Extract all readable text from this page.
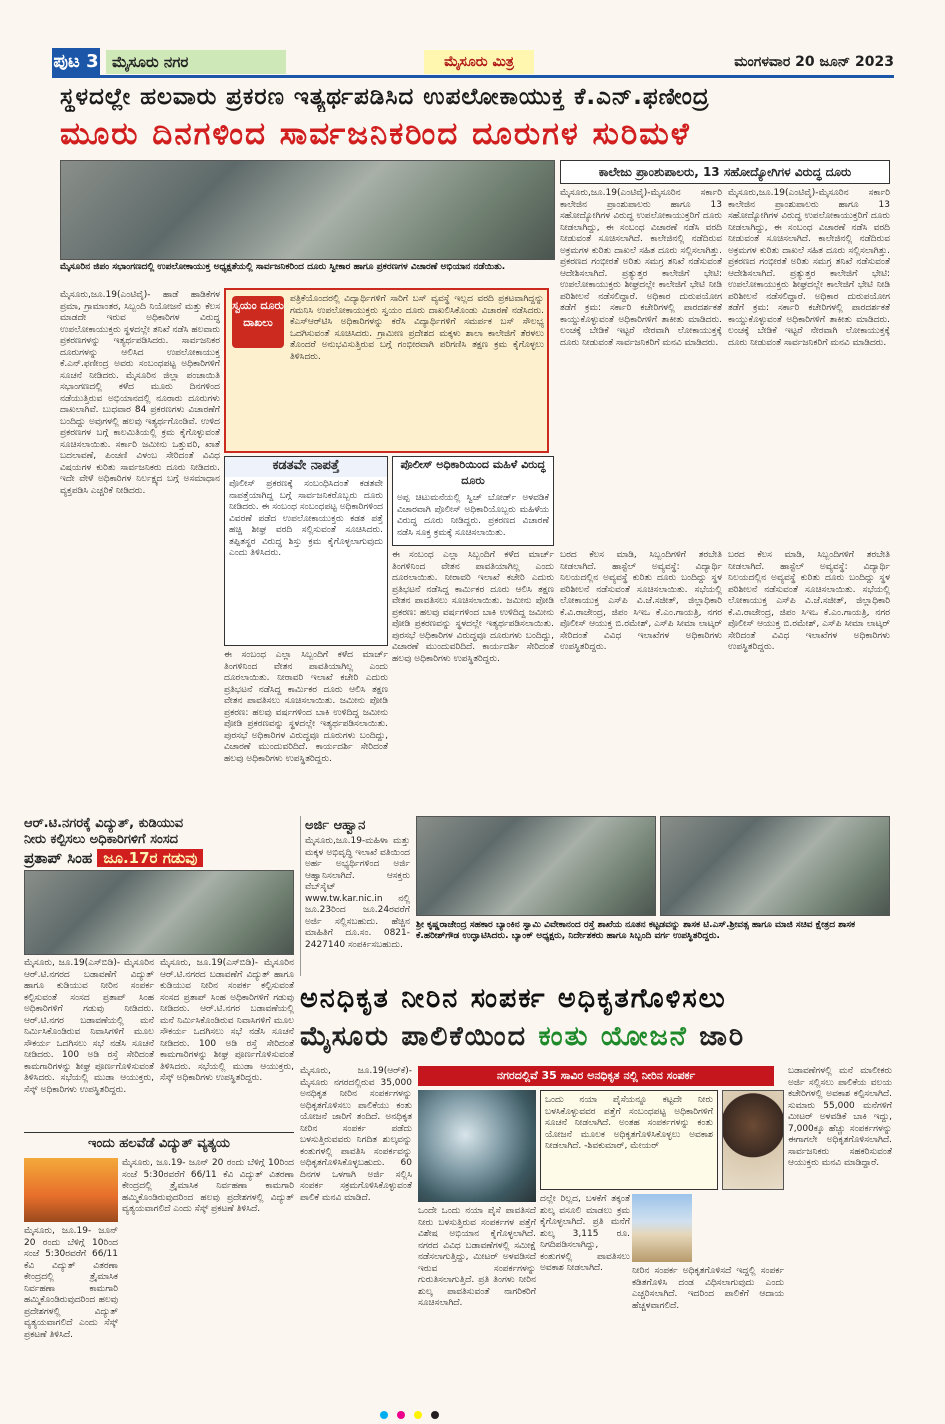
ಪುಟ 3 ಮೈಸೂರು ನಗರ	ಮೈಸೂರು ಮಿತ್ರ	ಮಂಗಳವಾರ 20 ಜೂನ್ 2023
ಸ್ಥಳದಲ್ಲೇ ಹಲವಾರು ಪ್ರಕರಣ ಇತ್ಯರ್ಥಪಡಿಸಿದ ಉಪಲೋಕಾಯುಕ್ತ ಕೆ.ಎನ್.ಫಣೀಂದ್ರ
ಮೂರು ದಿನಗಳಿಂದ ಸಾರ್ವಜನಿಕರಿಂದ ದೂರುಗಳ ಸುರಿಮಳೆ
ಮೈಸೂರಿನ ಜಿಪಂ ಸಭಾಂಗಣದಲ್ಲಿ ಉಪಲೋಕಾಯುಕ್ತ ಅಧ್ಯಕ್ಷತೆಯಲ್ಲಿ ಸಾರ್ವಜನಿಕರಿಂದ ದೂರು ಸ್ವೀಕಾರ ಹಾಗೂ ಪ್ರಕರಣಗಳ ವಿಚಾರಣೆ ಅಭಿಯಾನ ನಡೆಯಿತು.
ಮೈಸೂರು,ಜೂ.19(ಎಂಟಿವೈ)- ಹಾಡೆ ಹಾಡಿಕೆಗಳ ಪ್ರಮಾ, ಗ್ರಾಮಾಂತರ, ಸಿಬ್ಬಂದಿ ನಿಯೋಜನೆ ಮತ್ತು ಕೆಲಸ ಮಾಡದೇ ಇರುವ ಅಧಿಕಾರಿಗಳ ವಿರುದ್ಧ ಉಪಲೋಕಾಯುಕ್ತರು ಸ್ಥಳದಲ್ಲೇ ತನಿಖೆ ನಡೆಸಿ ಹಲವಾರು ಪ್ರಕರಣಗಳನ್ನು ಇತ್ಯರ್ಥಪಡಿಸಿದರು. ಸಾರ್ವಜನಿಕರ ದೂರುಗಳನ್ನು ಆಲಿಸಿದ ಉಪಲೋಕಾಯುಕ್ತ ಕೆ.ಎನ್.ಫಣೀಂದ್ರ ಅವರು ಸಂಬಂಧಪಟ್ಟ ಅಧಿಕಾರಿಗಳಿಗೆ ಸೂಚನೆ ನೀಡಿದರು. ಮೈಸೂರಿನ ಜಿಲ್ಲಾ ಪಂಚಾಯಿತಿ ಸಭಾಂಗಣದಲ್ಲಿ ಕಳೆದ ಮೂರು ದಿನಗಳಿಂದ ನಡೆಯುತ್ತಿರುವ ಅಭಿಯಾನದಲ್ಲಿ ನೂರಾರು ದೂರುಗಳು ದಾಖಲಾಗಿವೆ. ಬುಧವಾರ 84 ಪ್ರಕರಣಗಳು ವಿಚಾರಣೆಗೆ ಬಂದಿದ್ದು ಅವುಗಳಲ್ಲಿ ಹಲವು ಇತ್ಯರ್ಥಗೊಂಡಿವೆ. ಉಳಿದ ಪ್ರಕರಣಗಳ ಬಗ್ಗೆ ಕಾಲಮಿತಿಯಲ್ಲಿ ಕ್ರಮ ಕೈಗೊಳ್ಳುವಂತೆ ಸೂಚಿಸಲಾಯಿತು. ಸರ್ಕಾರಿ ಜಮೀನು ಒತ್ತುವರಿ, ಖಾತೆ ಬದಲಾವಣೆ, ಪಿಂಚಣಿ ವಿಳಂಬ ಸೇರಿದಂತೆ ವಿವಿಧ ವಿಷಯಗಳ ಕುರಿತು ಸಾರ್ವಜನಿಕರು ದೂರು ನೀಡಿದರು. ಇದೇ ವೇಳೆ ಅಧಿಕಾರಿಗಳ ನಿರ್ಲಕ್ಷ್ಯದ ಬಗ್ಗೆ ಅಸಮಾಧಾನ ವ್ಯಕ್ತಪಡಿಸಿ ಎಚ್ಚರಿಕೆ ನೀಡಿದರು.
ಸ್ವಯಂ ದೂರು ದಾಖಲು
ಪತ್ರಿಕೆಯೊಂದರಲ್ಲಿ ವಿದ್ಯಾರ್ಥಿಗಳಿಗೆ ಸಾರಿಗೆ ಬಸ್ ವ್ಯವಸ್ಥೆ ಇಲ್ಲದ ವರದಿ ಪ್ರಕಟವಾಗಿದ್ದನ್ನು ಗಮನಿಸಿ ಉಪಲೋಕಾಯುಕ್ತರು ಸ್ವಯಂ ದೂರು ದಾಖಲಿಸಿಕೊಂಡು ವಿಚಾರಣೆ ನಡೆಸಿದರು. ಕೆಎಸ್‌ಆರ್‌ಟಿಸಿ ಅಧಿಕಾರಿಗಳನ್ನು ಕರೆಸಿ ವಿದ್ಯಾರ್ಥಿಗಳಿಗೆ ಸಮರ್ಪಕ ಬಸ್ ಸೌಲಭ್ಯ ಒದಗಿಸುವಂತೆ ಸೂಚಿಸಿದರು. ಗ್ರಾಮೀಣ ಪ್ರದೇಶದ ಮಕ್ಕಳು ಶಾಲಾ ಕಾಲೇಜಿಗೆ ತೆರಳಲು ತೊಂದರೆ ಅನುಭವಿಸುತ್ತಿರುವ ಬಗ್ಗೆ ಗಂಭೀರವಾಗಿ ಪರಿಗಣಿಸಿ ತಕ್ಷಣ ಕ್ರಮ ಕೈಗೊಳ್ಳಲು ತಿಳಿಸಿದರು.
ಕಡತವೇ ನಾಪತ್ತೆ
ಪೊಲೀಸ್ ಪ್ರಕರಣಕ್ಕೆ ಸಂಬಂಧಿಸಿದಂತೆ ಕಡತವೇ ನಾಪತ್ತೆಯಾಗಿದ್ದ ಬಗ್ಗೆ ಸಾರ್ವಜನಿಕರೊಬ್ಬರು ದೂರು ನೀಡಿದರು. ಈ ಸಂಬಂಧ ಸಂಬಂಧಪಟ್ಟ ಅಧಿಕಾರಿಗಳಿಂದ ವಿವರಣೆ ಪಡೆದ ಉಪಲೋಕಾಯುಕ್ತರು ಕಡತ ಪತ್ತೆ ಹಚ್ಚಿ ಶೀಘ್ರ ವರದಿ ಸಲ್ಲಿಸುವಂತೆ ಸೂಚಿಸಿದರು. ತಪ್ಪಿತಸ್ಥರ ವಿರುದ್ಧ ಶಿಸ್ತು ಕ್ರಮ ಕೈಗೊಳ್ಳಲಾಗುವುದು ಎಂದು ತಿಳಿಸಿದರು.
ಪೊಲೀಸ್ ಅಧಿಕಾರಿಯಿಂದ ಮಹಿಳೆ ವಿರುದ್ಧ ದೂರು
ಅಪ್ಪ ಚಿಟುಮನೆಯಲ್ಲಿ ಸ್ವಿಚ್ ಬೋರ್ಡ್ ಅಳವಡಿಕೆ ವಿಚಾರವಾಗಿ ಪೊಲೀಸ್ ಅಧಿಕಾರಿಯೊಬ್ಬರು ಮಹಿಳೆಯ ವಿರುದ್ಧ ದೂರು ನೀಡಿದ್ದರು. ಪ್ರಕರಣದ ವಿಚಾರಣೆ ನಡೆಸಿ ಸೂಕ್ತ ಕ್ರಮಕ್ಕೆ ಸೂಚಿಸಲಾಯಿತು.
ಈ ಸಂಬಂಧ ಎಲ್ಲಾ ಸಿಬ್ಬಂದಿಗೆ ಕಳೆದ ಮಾರ್ಚ್ ತಿಂಗಳಿನಿಂದ ವೇತನ ಪಾವತಿಯಾಗಿಲ್ಲ ಎಂದು ದೂರಲಾಯಿತು. ನೀರಾವರಿ ಇಲಾಖೆ ಕಚೇರಿ ಎದುರು ಪ್ರತಿಭಟನೆ ನಡೆಸಿದ್ದ ಕಾರ್ಮಿಕರ ದೂರು ಆಲಿಸಿ ತಕ್ಷಣ ವೇತನ ಪಾವತಿಸಲು ಸೂಚಿಸಲಾಯಿತು. ಜಮೀನು ಪೋಡಿ ಪ್ರಕರಣ: ಹಲವು ವರ್ಷಗಳಿಂದ ಬಾಕಿ ಉಳಿದಿದ್ದ ಜಮೀನು ಪೋಡಿ ಪ್ರಕರಣವನ್ನು ಸ್ಥಳದಲ್ಲೇ ಇತ್ಯರ್ಥಪಡಿಸಲಾಯಿತು. ಪುರಸಭೆ ಅಧಿಕಾರಿಗಳ ವಿರುದ್ಧವೂ ದೂರುಗಳು ಬಂದಿದ್ದು, ವಿಚಾರಣೆ ಮುಂದುವರಿದಿದೆ. ಕಾರ್ಯದರ್ಶಿ ಸೇರಿದಂತೆ ಹಲವು ಅಧಿಕಾರಿಗಳು ಉಪಸ್ಥಿತರಿದ್ದರು.
ಈ ಸಂಬಂಧ ಎಲ್ಲಾ ಸಿಬ್ಬಂದಿಗೆ ಕಳೆದ ಮಾರ್ಚ್ ತಿಂಗಳಿನಿಂದ ವೇತನ ಪಾವತಿಯಾಗಿಲ್ಲ ಎಂದು ದೂರಲಾಯಿತು. ನೀರಾವರಿ ಇಲಾಖೆ ಕಚೇರಿ ಎದುರು ಪ್ರತಿಭಟನೆ ನಡೆಸಿದ್ದ ಕಾರ್ಮಿಕರ ದೂರು ಆಲಿಸಿ ತಕ್ಷಣ ವೇತನ ಪಾವತಿಸಲು ಸೂಚಿಸಲಾಯಿತು. ಜಮೀನು ಪೋಡಿ ಪ್ರಕರಣ: ಹಲವು ವರ್ಷಗಳಿಂದ ಬಾಕಿ ಉಳಿದಿದ್ದ ಜಮೀನು ಪೋಡಿ ಪ್ರಕರಣವನ್ನು ಸ್ಥಳದಲ್ಲೇ ಇತ್ಯರ್ಥಪಡಿಸಲಾಯಿತು. ಪುರಸಭೆ ಅಧಿಕಾರಿಗಳ ವಿರುದ್ಧವೂ ದೂರುಗಳು ಬಂದಿದ್ದು, ವಿಚಾರಣೆ ಮುಂದುವರಿದಿದೆ. ಕಾರ್ಯದರ್ಶಿ ಸೇರಿದಂತೆ ಹಲವು ಅಧಿಕಾರಿಗಳು ಉಪಸ್ಥಿತರಿದ್ದರು.
ಕಾಲೇಜು ಪ್ರಾಂಶುಪಾಲರು, 13 ಸಹೋದ್ಯೋಗಿಗಳ ವಿರುದ್ಧ ದೂರು
ಮೈಸೂರು,ಜೂ.19(ಎಂಟಿವೈ)-ಮೈಸೂರಿನ ಸರ್ಕಾರಿ ಕಾಲೇಜಿನ ಪ್ರಾಂಶುಪಾಲರು ಹಾಗೂ 13 ಸಹೋದ್ಯೋಗಿಗಳ ವಿರುದ್ಧ ಉಪಲೋಕಾಯುಕ್ತರಿಗೆ ದೂರು ನೀಡಲಾಗಿದ್ದು, ಈ ಸಂಬಂಧ ವಿಚಾರಣೆ ನಡೆಸಿ ವರದಿ ನೀಡುವಂತೆ ಸೂಚಿಸಲಾಗಿದೆ. ಕಾಲೇಜಿನಲ್ಲಿ ನಡೆದಿರುವ ಅಕ್ರಮಗಳ ಕುರಿತು ದಾಖಲೆ ಸಹಿತ ದೂರು ಸಲ್ಲಿಸಲಾಗಿತ್ತು. ಪ್ರಕರಣದ ಗಂಭೀರತೆ ಅರಿತು ಸಮಗ್ರ ತನಿಖೆ ನಡೆಸುವಂತೆ ಆದೇಶಿಸಲಾಗಿದೆ. ಪ್ರತ್ಯುತ್ತರ ಕಾಲೇಜಿಗೆ ಭೇಟಿ: ಉಪಲೋಕಾಯುಕ್ತರು ಶೀಘ್ರದಲ್ಲೇ ಕಾಲೇಜಿಗೆ ಭೇಟಿ ನೀಡಿ ಪರಿಶೀಲನೆ ನಡೆಸಲಿದ್ದಾರೆ. ಅಧಿಕಾರ ದುರುಪಯೋಗ ತಡೆಗೆ ಕ್ರಮ: ಸರ್ಕಾರಿ ಕಚೇರಿಗಳಲ್ಲಿ ಪಾರದರ್ಶಕತೆ ಕಾಯ್ದುಕೊಳ್ಳುವಂತೆ ಅಧಿಕಾರಿಗಳಿಗೆ ತಾಕೀತು ಮಾಡಿದರು. ಲಂಚಕ್ಕೆ ಬೇಡಿಕೆ ಇಟ್ಟರೆ ನೇರವಾಗಿ ಲೋಕಾಯುಕ್ತಕ್ಕೆ ದೂರು ನೀಡುವಂತೆ ಸಾರ್ವಜನಿಕರಿಗೆ ಮನವಿ ಮಾಡಿದರು.
ಮೈಸೂರು,ಜೂ.19(ಎಂಟಿವೈ)-ಮೈಸೂರಿನ ಸರ್ಕಾರಿ ಕಾಲೇಜಿನ ಪ್ರಾಂಶುಪಾಲರು ಹಾಗೂ 13 ಸಹೋದ್ಯೋಗಿಗಳ ವಿರುದ್ಧ ಉಪಲೋಕಾಯುಕ್ತರಿಗೆ ದೂರು ನೀಡಲಾಗಿದ್ದು, ಈ ಸಂಬಂಧ ವಿಚಾರಣೆ ನಡೆಸಿ ವರದಿ ನೀಡುವಂತೆ ಸೂಚಿಸಲಾಗಿದೆ. ಕಾಲೇಜಿನಲ್ಲಿ ನಡೆದಿರುವ ಅಕ್ರಮಗಳ ಕುರಿತು ದಾಖಲೆ ಸಹಿತ ದೂರು ಸಲ್ಲಿಸಲಾಗಿತ್ತು. ಪ್ರಕರಣದ ಗಂಭೀರತೆ ಅರಿತು ಸಮಗ್ರ ತನಿಖೆ ನಡೆಸುವಂತೆ ಆದೇಶಿಸಲಾಗಿದೆ. ಪ್ರತ್ಯುತ್ತರ ಕಾಲೇಜಿಗೆ ಭೇಟಿ: ಉಪಲೋಕಾಯುಕ್ತರು ಶೀಘ್ರದಲ್ಲೇ ಕಾಲೇಜಿಗೆ ಭೇಟಿ ನೀಡಿ ಪರಿಶೀಲನೆ ನಡೆಸಲಿದ್ದಾರೆ. ಅಧಿಕಾರ ದುರುಪಯೋಗ ತಡೆಗೆ ಕ್ರಮ: ಸರ್ಕಾರಿ ಕಚೇರಿಗಳಲ್ಲಿ ಪಾರದರ್ಶಕತೆ ಕಾಯ್ದುಕೊಳ್ಳುವಂತೆ ಅಧಿಕಾರಿಗಳಿಗೆ ತಾಕೀತು ಮಾಡಿದರು. ಲಂಚಕ್ಕೆ ಬೇಡಿಕೆ ಇಟ್ಟರೆ ನೇರವಾಗಿ ಲೋಕಾಯುಕ್ತಕ್ಕೆ ದೂರು ನೀಡುವಂತೆ ಸಾರ್ವಜನಿಕರಿಗೆ ಮನವಿ ಮಾಡಿದರು.
ಬರದ ಕೆಲಸ ಮಾಡಿ, ಸಿಬ್ಬಂದಿಗಳಿಗೆ ತರಬೇತಿ ನೀಡಲಾಗಿದೆ. ಹಾಸ್ಟೆಲ್ ಅವ್ಯವಸ್ಥೆ: ವಿದ್ಯಾರ್ಥಿ ನಿಲಯದಲ್ಲಿನ ಅವ್ಯವಸ್ಥೆ ಕುರಿತು ದೂರು ಬಂದಿದ್ದು ಸ್ಥಳ ಪರಿಶೀಲನೆ ನಡೆಸುವಂತೆ ಸೂಚಿಸಲಾಯಿತು. ಸಭೆಯಲ್ಲಿ ಲೋಕಾಯುಕ್ತ ಎಸ್‌ಪಿ ವಿ.ಜೆ.ಸಜೀತ್, ಜಿಲ್ಲಾಧಿಕಾರಿ ಕೆ.ವಿ.ರಾಜೇಂದ್ರ, ಜಿಪಂ ಸಿಇಒ ಕೆ.ಎಂ.ಗಾಯತ್ರಿ, ನಗರ ಪೊಲೀಸ್ ಆಯುಕ್ತ ಬಿ.ರಮೇಶ್, ಎಸ್‌ಪಿ ಸೀಮಾ ಲಾಟ್ಕರ್ ಸೇರಿದಂತೆ ವಿವಿಧ ಇಲಾಖೆಗಳ ಅಧಿಕಾರಿಗಳು ಉಪಸ್ಥಿತರಿದ್ದರು.
ಬರದ ಕೆಲಸ ಮಾಡಿ, ಸಿಬ್ಬಂದಿಗಳಿಗೆ ತರಬೇತಿ ನೀಡಲಾಗಿದೆ. ಹಾಸ್ಟೆಲ್ ಅವ್ಯವಸ್ಥೆ: ವಿದ್ಯಾರ್ಥಿ ನಿಲಯದಲ್ಲಿನ ಅವ್ಯವಸ್ಥೆ ಕುರಿತು ದೂರು ಬಂದಿದ್ದು ಸ್ಥಳ ಪರಿಶೀಲನೆ ನಡೆಸುವಂತೆ ಸೂಚಿಸಲಾಯಿತು. ಸಭೆಯಲ್ಲಿ ಲೋಕಾಯುಕ್ತ ಎಸ್‌ಪಿ ವಿ.ಜೆ.ಸಜೀತ್, ಜಿಲ್ಲಾಧಿಕಾರಿ ಕೆ.ವಿ.ರಾಜೇಂದ್ರ, ಜಿಪಂ ಸಿಇಒ ಕೆ.ಎಂ.ಗಾಯತ್ರಿ, ನಗರ ಪೊಲೀಸ್ ಆಯುಕ್ತ ಬಿ.ರಮೇಶ್, ಎಸ್‌ಪಿ ಸೀಮಾ ಲಾಟ್ಕರ್ ಸೇರಿದಂತೆ ವಿವಿಧ ಇಲಾಖೆಗಳ ಅಧಿಕಾರಿಗಳು ಉಪಸ್ಥಿತರಿದ್ದರು.
ಆರ್.ಟಿ.ನಗರಕ್ಕೆ ವಿದ್ಯುತ್, ಕುಡಿಯುವ
ನೀರು ಕಲ್ಪಿಸಲು ಅಧಿಕಾರಿಗಳಿಗೆ ಸಂಸದ
ಪ್ರತಾಪ್ ಸಿಂಹ ಜೂ.17ರ ಗಡುವು
ಮೈಸೂರು, ಜೂ.19(ಎಸ್‌ಬಿಡಿ)- ಮೈಸೂರಿನ ಆರ್.ಟಿ.ನಗರದ ಬಡಾವಣೆಗೆ ವಿದ್ಯುತ್ ಹಾಗೂ ಕುಡಿಯುವ ನೀರಿನ ಸಂಪರ್ಕ ಕಲ್ಪಿಸುವಂತೆ ಸಂಸದ ಪ್ರತಾಪ್ ಸಿಂಹ ಅಧಿಕಾರಿಗಳಿಗೆ ಗಡುವು ನೀಡಿದರು. ಆರ್.ಟಿ.ನಗರ ಬಡಾವಣೆಯಲ್ಲಿ ಮನೆ ನಿರ್ಮಿಸಿಕೊಂಡಿರುವ ನಿವಾಸಿಗಳಿಗೆ ಮೂಲ ಸೌಕರ್ಯ ಒದಗಿಸಲು ಸಭೆ ನಡೆಸಿ ಸೂಚನೆ ನೀಡಿದರು. 100 ಅಡಿ ರಸ್ತೆ ಸೇರಿದಂತೆ ಕಾಮಗಾರಿಗಳನ್ನು ಶೀಘ್ರ ಪೂರ್ಣಗೊಳಿಸುವಂತೆ ತಿಳಿಸಿದರು. ಸಭೆಯಲ್ಲಿ ಮುಡಾ ಆಯುಕ್ತರು, ಸೆಸ್ಕ್ ಅಧಿಕಾರಿಗಳು ಉಪಸ್ಥಿತರಿದ್ದರು.
ಮೈಸೂರು, ಜೂ.19(ಎಸ್‌ಬಿಡಿ)- ಮೈಸೂರಿನ ಆರ್.ಟಿ.ನಗರದ ಬಡಾವಣೆಗೆ ವಿದ್ಯುತ್ ಹಾಗೂ ಕುಡಿಯುವ ನೀರಿನ ಸಂಪರ್ಕ ಕಲ್ಪಿಸುವಂತೆ ಸಂಸದ ಪ್ರತಾಪ್ ಸಿಂಹ ಅಧಿಕಾರಿಗಳಿಗೆ ಗಡುವು ನೀಡಿದರು. ಆರ್.ಟಿ.ನಗರ ಬಡಾವಣೆಯಲ್ಲಿ ಮನೆ ನಿರ್ಮಿಸಿಕೊಂಡಿರುವ ನಿವಾಸಿಗಳಿಗೆ ಮೂಲ ಸೌಕರ್ಯ ಒದಗಿಸಲು ಸಭೆ ನಡೆಸಿ ಸೂಚನೆ ನೀಡಿದರು. 100 ಅಡಿ ರಸ್ತೆ ಸೇರಿದಂತೆ ಕಾಮಗಾರಿಗಳನ್ನು ಶೀಘ್ರ ಪೂರ್ಣಗೊಳಿಸುವಂತೆ ತಿಳಿಸಿದರು. ಸಭೆಯಲ್ಲಿ ಮುಡಾ ಆಯುಕ್ತರು, ಸೆಸ್ಕ್ ಅಧಿಕಾರಿಗಳು ಉಪಸ್ಥಿತರಿದ್ದರು.
ಅರ್ಜಿ ಆಹ್ವಾನ
ಮೈಸೂರು,ಜೂ.19-ಮಹಿಳಾ ಮತ್ತು ಮಕ್ಕಳ ಅಭಿವೃದ್ಧಿ ಇಲಾಖೆ ವತಿಯಿಂದ ಅರ್ಹ ಅಭ್ಯರ್ಥಿಗಳಿಂದ ಅರ್ಜಿ ಆಹ್ವಾನಿಸಲಾಗಿದೆ. ಆಸಕ್ತರು ವೆಬ್‌ಸೈಟ್ www.tw.kar.nic.in ನಲ್ಲಿ ಜೂ.23ರಿಂದ ಜೂ.24ರವರೆಗೆ ಅರ್ಜಿ ಸಲ್ಲಿಸಬಹುದು. ಹೆಚ್ಚಿನ ಮಾಹಿತಿಗೆ ದೂ.ಸಂ. 0821-2427140 ಸಂಪರ್ಕಿಸಬಹುದು.
ಶ್ರೀ ಕೃಷ್ಣರಾಜೇಂದ್ರ ಸಹಕಾರ ಬ್ಯಾಂಕಿನ ಸ್ವಾಮಿ ವಿವೇಕಾನಂದ ರಸ್ತೆ ಶಾಖೆಯ ನೂತನ ಕಟ್ಟಡವನ್ನು ಶಾಸಕ ಟಿ.ಎಸ್.ಶ್ರೀವತ್ಸ ಹಾಗೂ ಮಾಜಿ ಸಚಿವ ಕ್ಷೇತ್ರದ ಶಾಸಕ ಕೆ.ಹರೀಶ್‌ಗೌಡ ಉದ್ಘಾಟಿಸಿದರು. ಬ್ಯಾಂಕ್ ಅಧ್ಯಕ್ಷರು, ನಿರ್ದೇಶಕರು ಹಾಗೂ ಸಿಬ್ಬಂದಿ ವರ್ಗ ಉಪಸ್ಥಿತರಿದ್ದರು.
ಅನಧಿಕೃತ ನೀರಿನ ಸಂಪರ್ಕ ಅಧಿಕೃತಗೊಳಿಸಲು
ಮೈಸೂರು ಪಾಲಿಕೆಯಿಂದ ಕಂತು ಯೋಜನೆ ಜಾರಿ
ನಗರದಲ್ಲಿವೆ 35 ಸಾವಿರ ಅನಧಿಕೃತ ನಲ್ಲಿ ನೀರಿನ ಸಂಪರ್ಕ
ಒಂದು ನಯಾ ಪೈಸೆಯನ್ನೂ ಕಟ್ಟದೇ ನೀರು ಬಳಸಿಕೊಳ್ಳುವವರ ಪತ್ತೆಗೆ ಸಂಬಂಧಪಟ್ಟ ಅಧಿಕಾರಿಗಳಿಗೆ ಸೂಚನೆ ನೀಡಲಾಗಿದೆ. ಅಂತಹ ಸಂಪರ್ಕಗಳನ್ನು ಕಂತು ಯೋಜನೆ ಮೂಲಕ ಅಧಿಕೃತಗೊಳಿಸಿಕೊಳ್ಳಲು ಅವಕಾಶ ನೀಡಲಾಗಿದೆ. -ಶಿವಕುಮಾರ್, ಮೇಯರ್
ಮೈಸೂರು, ಜೂ.19(ಆರ್‌ಕೆ)- ಮೈಸೂರು ನಗರದಲ್ಲಿರುವ 35,000 ಅನಧಿಕೃತ ನೀರಿನ ಸಂಪರ್ಕಗಳನ್ನು ಅಧಿಕೃತಗೊಳಿಸಲು ಪಾಲಿಕೆಯು ಕಂತು ಯೋಜನೆ ಜಾರಿಗೆ ತಂದಿದೆ. ಅನಧಿಕೃತ ನೀರಿನ ಸಂಪರ್ಕ ಪಡೆದು ಬಳಸುತ್ತಿರುವವರು ನಿಗದಿತ ಶುಲ್ಕವನ್ನು ಕಂತುಗಳಲ್ಲಿ ಪಾವತಿಸಿ ಸಂಪರ್ಕವನ್ನು ಅಧಿಕೃತಗೊಳಿಸಿಕೊಳ್ಳಬಹುದು. 60 ದಿನಗಳ ಒಳಗಾಗಿ ಅರ್ಜಿ ಸಲ್ಲಿಸಿ ಸಂಪರ್ಕ ಸಕ್ರಮಗೊಳಿಸಿಕೊಳ್ಳುವಂತೆ ಪಾಲಿಕೆ ಮನವಿ ಮಾಡಿದೆ.
ಒಂದೇ ಒಂದು ನಯಾ ಪೈಸೆ ಪಾವತಿಸದೆ ನೀರು ಬಳಸುತ್ತಿರುವ ಸಂಪರ್ಕಗಳ ಪತ್ತೆಗೆ ವಿಶೇಷ ಅಭಿಯಾನ ಕೈಗೊಳ್ಳಲಾಗಿದೆ. ನಗರದ ವಿವಿಧ ಬಡಾವಣೆಗಳಲ್ಲಿ ಸಮೀಕ್ಷೆ ನಡೆಸಲಾಗುತ್ತಿದ್ದು, ಮೀಟರ್ ಅಳವಡಿಸದೆ ಇರುವ ಸಂಪರ್ಕಗಳನ್ನು ಗುರುತಿಸಲಾಗುತ್ತಿದೆ. ಪ್ರತಿ ತಿಂಗಳು ನೀರಿನ ಶುಲ್ಕ ಪಾವತಿಸುವಂತೆ ನಾಗರಿಕರಿಗೆ ಸೂಚಿಸಲಾಗಿದೆ.
ದಲ್ಲೇ ರಿಲ್ಲದ, ಬಳಕೆಗೆ ತಕ್ಕಂತೆ ಶುಲ್ಕ ವಸೂಲಿ ಮಾಡಲು ಕ್ರಮ ಕೈಗೊಳ್ಳಲಾಗಿದೆ. ಪ್ರತಿ ಮನೆಗೆ ಶುಲ್ಕ 3,115 ರೂ. ನಿಗದಿಪಡಿಸಲಾಗಿದ್ದು, ಕಂತುಗಳಲ್ಲಿ ಪಾವತಿಸಲು ಅವಕಾಶ ನೀಡಲಾಗಿದೆ.	ನೀರಿನ ಸಂಪರ್ಕ ಅಧಿಕೃತಗೊಳಿಸದೆ ಇದ್ದಲ್ಲಿ ಸಂಪರ್ಕ ಕಡಿತಗೊಳಿಸಿ ದಂಡ ವಿಧಿಸಲಾಗುವುದು ಎಂದು ಎಚ್ಚರಿಸಲಾಗಿದೆ. ಇದರಿಂದ ಪಾಲಿಕೆಗೆ ಆದಾಯ ಹೆಚ್ಚಳವಾಗಲಿದೆ.
ಬಡಾವಣೆಗಳಲ್ಲಿ ಮನೆ ಮಾಲೀಕರು ಅರ್ಜಿ ಸಲ್ಲಿಸಲು ಪಾಲಿಕೆಯ ವಲಯ ಕಚೇರಿಗಳಲ್ಲಿ ಅವಕಾಶ ಕಲ್ಪಿಸಲಾಗಿದೆ. ಸುಮಾರು 55,000 ಮನೆಗಳಿಗೆ ಮೀಟರ್ ಅಳವಡಿಕೆ ಬಾಕಿ ಇದ್ದು, 7,000ಕ್ಕೂ ಹೆಚ್ಚು ಸಂಪರ್ಕಗಳನ್ನು ಈಗಾಗಲೇ ಅಧಿಕೃತಗೊಳಿಸಲಾಗಿದೆ. ಸಾರ್ವಜನಿಕರು ಸಹಕರಿಸುವಂತೆ ಆಯುಕ್ತರು ಮನವಿ ಮಾಡಿದ್ದಾರೆ.
ಇಂದು ಹಲವೆಡೆ ವಿದ್ಯುತ್ ವ್ಯತ್ಯಯ
ಮೈಸೂರು, ಜೂ.19- ಜೂನ್ 20 ರಂದು ಬೆಳಿಗ್ಗೆ 10ರಿಂದ ಸಂಜೆ 5:30ರವರೆಗೆ 66/11 ಕೆವಿ ವಿದ್ಯುತ್ ವಿತರಣಾ ಕೇಂದ್ರದಲ್ಲಿ ತ್ರೈಮಾಸಿಕ ನಿರ್ವಹಣಾ ಕಾಮಗಾರಿ ಹಮ್ಮಿಕೊಂಡಿರುವುದರಿಂದ ಹಲವು ಪ್ರದೇಶಗಳಲ್ಲಿ ವಿದ್ಯುತ್ ವ್ಯತ್ಯಯವಾಗಲಿದೆ ಎಂದು ಸೆಸ್ಕ್ ಪ್ರಕಟಣೆ ತಿಳಿಸಿದೆ.
ಮೈಸೂರು, ಜೂ.19- ಜೂನ್ 20 ರಂದು ಬೆಳಿಗ್ಗೆ 10ರಿಂದ ಸಂಜೆ 5:30ರವರೆಗೆ 66/11 ಕೆವಿ ವಿದ್ಯುತ್ ವಿತರಣಾ ಕೇಂದ್ರದಲ್ಲಿ ತ್ರೈಮಾಸಿಕ ನಿರ್ವಹಣಾ ಕಾಮಗಾರಿ ಹಮ್ಮಿಕೊಂಡಿರುವುದರಿಂದ ಹಲವು ಪ್ರದೇಶಗಳಲ್ಲಿ ವಿದ್ಯುತ್ ವ್ಯತ್ಯಯವಾಗಲಿದೆ ಎಂದು ಸೆಸ್ಕ್ ಪ್ರಕಟಣೆ ತಿಳಿಸಿದೆ.
